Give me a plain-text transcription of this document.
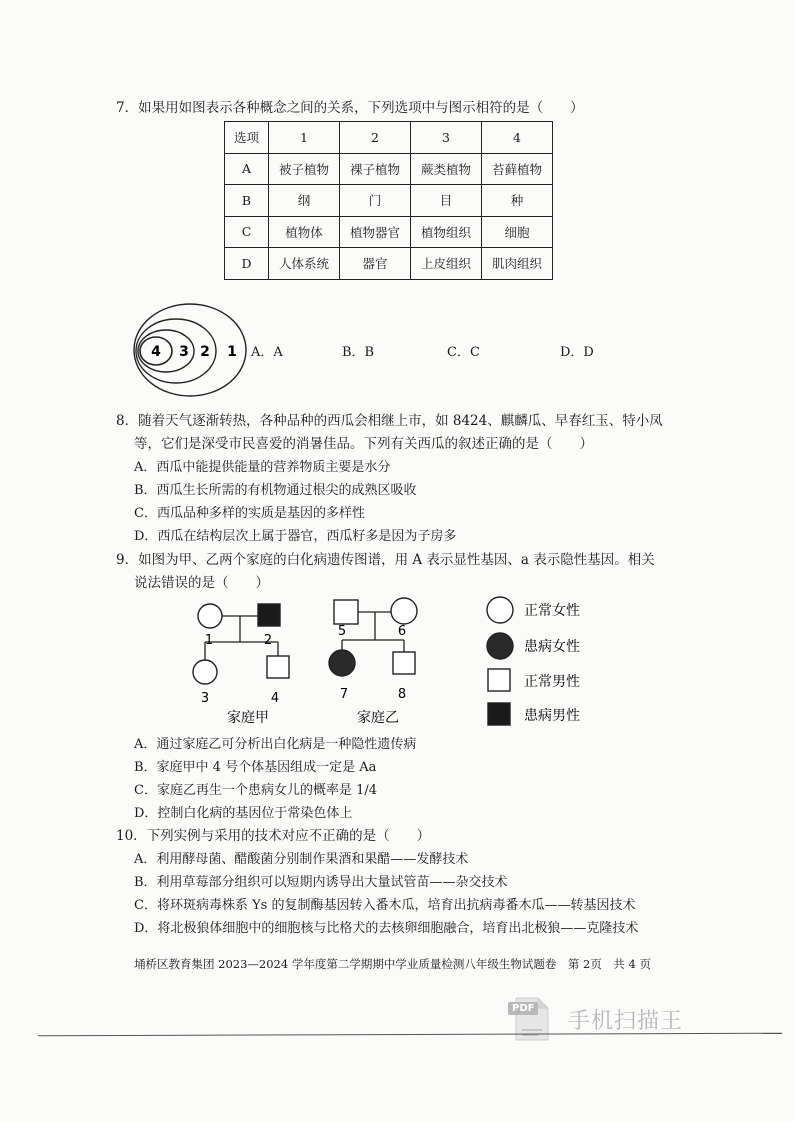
7．如果用如图表示各种概念之间的关系，下列选项中与图示相符的是（　　）
选项	1	2	3	4
A	被子植物	裸子植物	蕨类植物	苔藓植物
B	纲	门	目	种
C	植物体	植物器官	植物组织	细胞
D	人体系统	器官	上皮组织	肌肉组织
4 3 2 1 A．A	B．B	C．C	D．D
8．随着天气逐渐转热，各种品种的西瓜会相继上市，如 8424、麒麟瓜、早春红玉、特小凤
等，它们是深受市民喜爱的消暑佳品。下列有关西瓜的叙述正确的是（　　）
A．西瓜中能提供能量的营养物质主要是水分
B．西瓜生长所需的有机物通过根尖的成熟区吸收
C．西瓜品种多样的实质是基因的多样性
D．西瓜在结构层次上属于器官，西瓜籽多是因为子房多
9．如图为甲、乙两个家庭的白化病遗传图谱，用 A 表示显性基因、a 表示隐性基因。相关
说法错误的是（　　）
1	2
3	4
家庭甲
5	6
7	8
家庭乙
正常女性
患病女性
正常男性
患病男性
A．通过家庭乙可分析出白化病是一种隐性遗传病
B．家庭甲中 4 号个体基因组成一定是 Aa
C．家庭乙再生一个患病女儿的概率是 1/4
D．控制白化病的基因位于常染色体上
10．下列实例与采用的技术对应不正确的是（　　）
A．利用酵母菌、醋酸菌分别制作果酒和果醋——发酵技术
B．利用草莓部分组织可以短期内诱导出大量试管苗——杂交技术
C．将环斑病毒株系 Ys 的复制酶基因转入番木瓜，培育出抗病毒番木瓜——转基因技术
D．将北极狼体细胞中的细胞核与比格犬的去核卵细胞融合，培育出北极狼——克隆技术
埇桥区教育集团 2023—2024 学年度第二学期期中学业质量检测八年级生物试题卷　第 2页　共 4 页
PDF
手机扫描王
